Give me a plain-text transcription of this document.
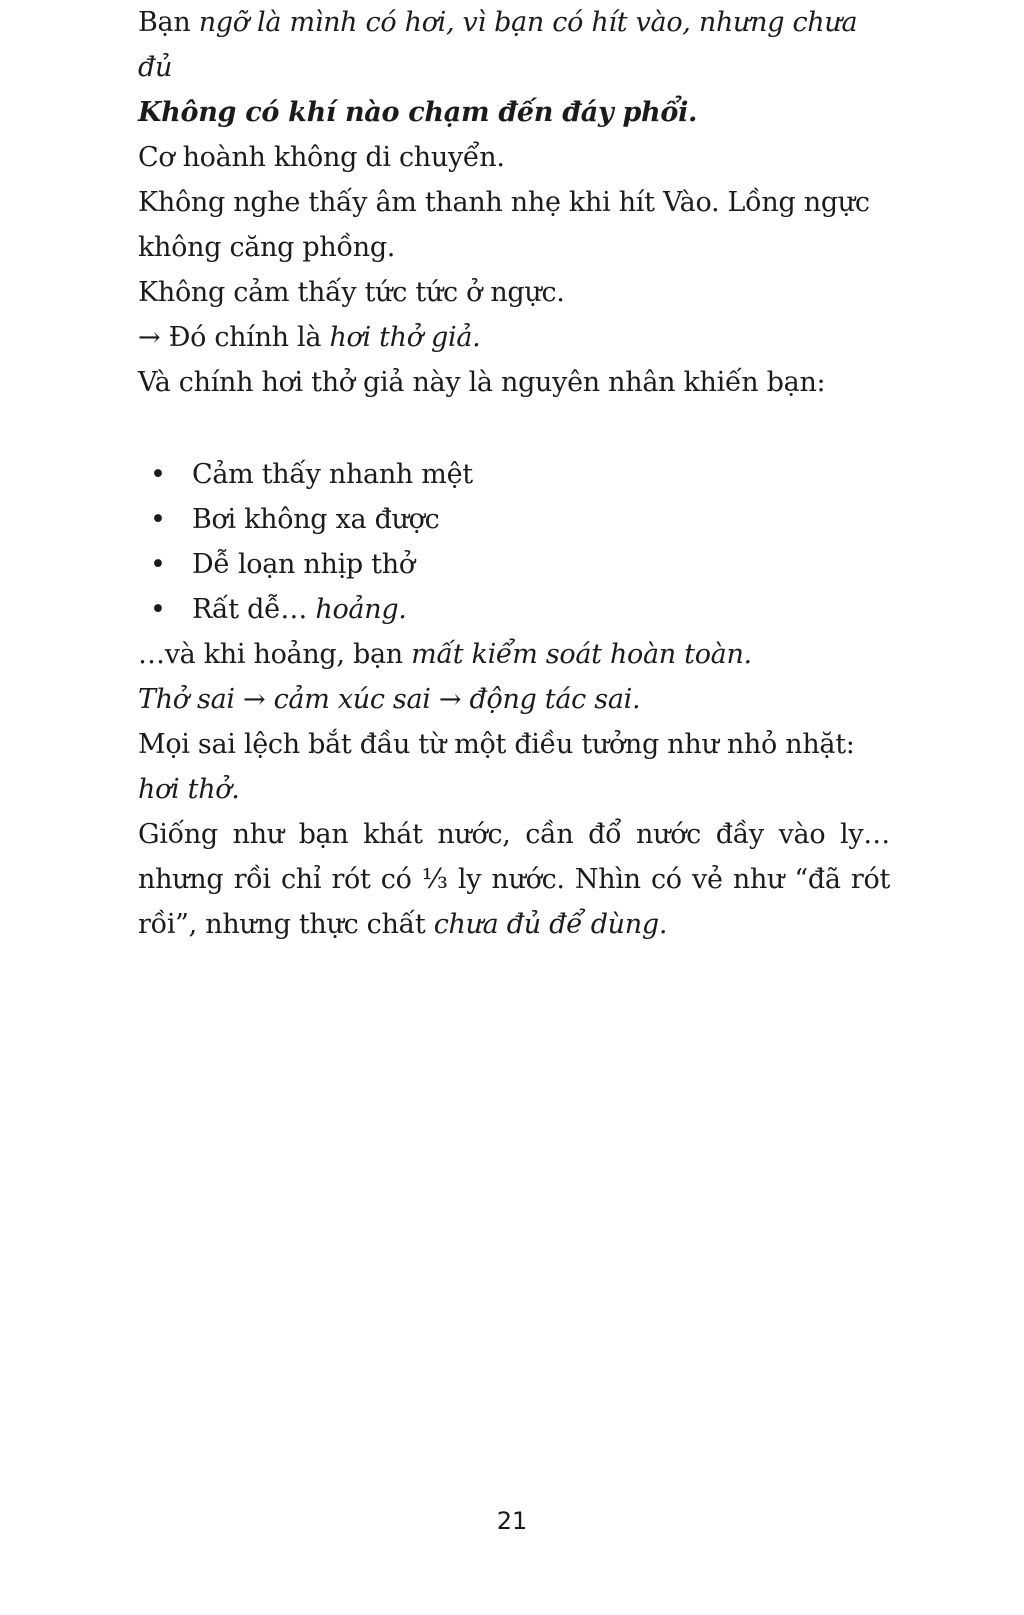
Bạn ngỡ là mình có hơi, vì bạn có hít vào, nhưng chưa đủ
Không có khí nào chạm đến đáy phổi.

Cơ hoành không di chuyển.
Không nghe thấy âm thanh nhẹ khi hít Vào. Lồng ngực không căng phồng.
Không cảm thấy tức tức ở ngực.

→ Đó chính là hơi thở giả.

Và chính hơi thở giả này là nguyên nhân khiến bạn:

• Cảm thấy nhanh mệt
• Bơi không xa được
• Dễ loạn nhịp thở
• Rất dễ… hoảng.

…và khi hoảng, bạn mất kiểm soát hoàn toàn.

Thở sai → cảm xúc sai → động tác sai.
Mọi sai lệch bắt đầu từ một điều tưởng như nhỏ nhặt: hơi thở.

Giống như bạn khát nước, cần đổ nước đầy vào ly… nhưng rồi chỉ rót có ⅓ ly nước. Nhìn có vẻ như “đã rót rồi”, nhưng thực chất chưa đủ để dùng.

21
